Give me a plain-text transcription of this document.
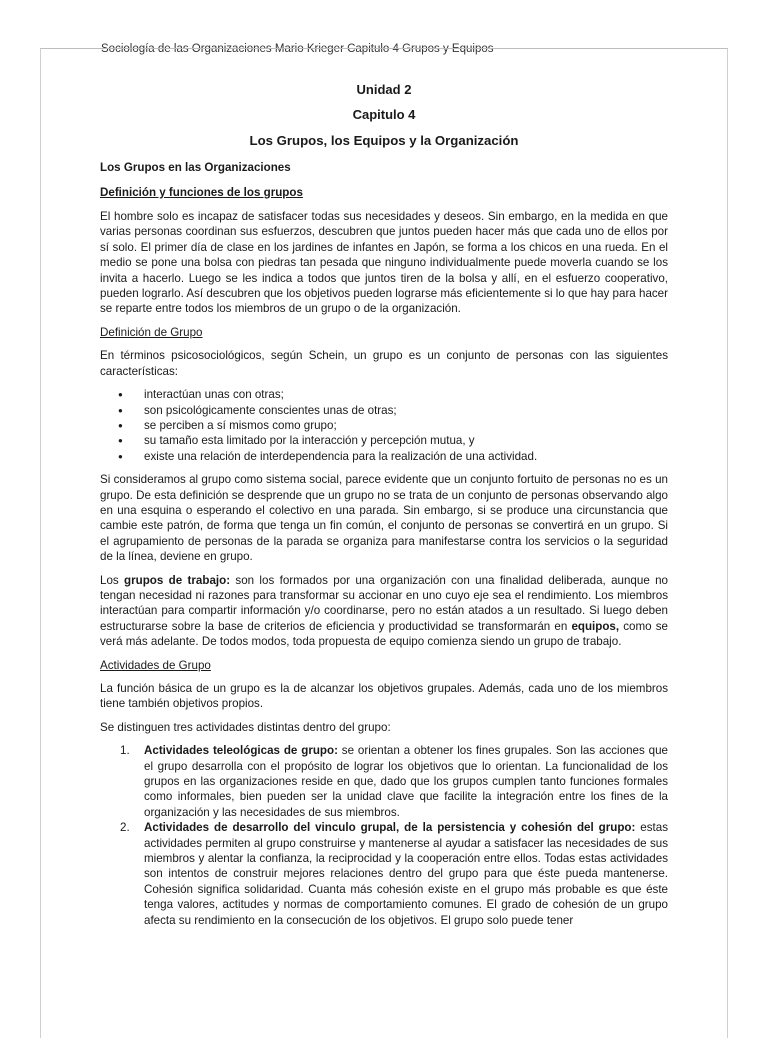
Sociología de las Organizaciones Mario Krieger Capitulo 4 Grupos y Equipos
Unidad 2
Capitulo 4
Los Grupos, los Equipos y la Organización
Los Grupos en las Organizaciones
Definición y funciones de los grupos

El hombre solo es incapaz de satisfacer todas sus necesidades y deseos. Sin embargo, en la medida en que varias personas coordinan sus esfuerzos, descubren que juntos pueden hacer más que cada uno de ellos por sí solo. El primer día de clase en los jardines de infantes en Japón, se forma a los chicos en una rueda. En el medio se pone una bolsa con piedras tan pesada que ninguno individualmente puede moverla cuando se los invita a hacerlo. Luego se les indica a todos que juntos tiren de la bolsa y allí, en el esfuerzo cooperativo, pueden lograrlo. Así descubren que los objetivos pueden lograrse más eficientemente si lo que hay para hacer se reparte entre todos los miembros de un grupo o de la organización.

Definición de Grupo

En términos psicosociológicos, según Schein, un grupo es un conjunto de personas con las siguientes características:

● interactúan unas con otras;
● son psicológicamente conscientes unas de otras;
● se perciben a sí mismos como grupo;
● su tamaño esta limitado por la interacción y percepción mutua, y
● existe una relación de interdependencia para la realización de una actividad.

Si consideramos al grupo como sistema social, parece evidente que un conjunto fortuito de personas no es un grupo. De esta definición se desprende que un grupo no se trata de un conjunto de personas observando algo en una esquina o esperando el colectivo en una parada. Sin embargo, si se produce una circunstancia que cambie este patrón, de forma que tenga un fin común, el conjunto de personas se convertirá en un grupo. Si el agrupamiento de personas de la parada se organiza para manifestarse contra los servicios o la seguridad de la línea, deviene en grupo.

Los grupos de trabajo: son los formados por una organización con una finalidad deliberada, aunque no tengan necesidad ni razones para transformar su accionar en uno cuyo eje sea el rendimiento. Los miembros interactúan para compartir información y/o coordinarse, pero no están atados a un resultado. Si luego deben estructurarse sobre la base de criterios de eficiencia y productividad se transformarán en equipos, como se verá más adelante. De todos modos, toda propuesta de equipo comienza siendo un grupo de trabajo.

Actividades de Grupo

La función básica de un grupo es la de alcanzar los objetivos grupales. Además, cada uno de los miembros tiene también objetivos propios.

Se distinguen tres actividades distintas dentro del grupo:

1. Actividades teleológicas de grupo: se orientan a obtener los fines grupales. Son las acciones que el grupo desarrolla con el propósito de lograr los objetivos que lo orientan. La funcionalidad de los grupos en las organizaciones reside en que, dado que los grupos cumplen tanto funciones formales como informales, bien pueden ser la unidad clave que facilite la integración entre los fines de la organización y las necesidades de sus miembros.
2. Actividades de desarrollo del vinculo grupal, de la persistencia y cohesión del grupo: estas actividades permiten al grupo construirse y mantenerse al ayudar a satisfacer las necesidades de sus miembros y alentar la confianza, la reciprocidad y la cooperación entre ellos. Todas estas actividades son intentos de construir mejores relaciones dentro del grupo para que éste pueda mantenerse. Cohesión significa solidaridad. Cuanta más cohesión existe en el grupo más probable es que éste tenga valores, actitudes y normas de comportamiento comunes. El grado de cohesión de un grupo afecta su rendimiento en la consecución de los objetivos. El grupo solo puede tener
